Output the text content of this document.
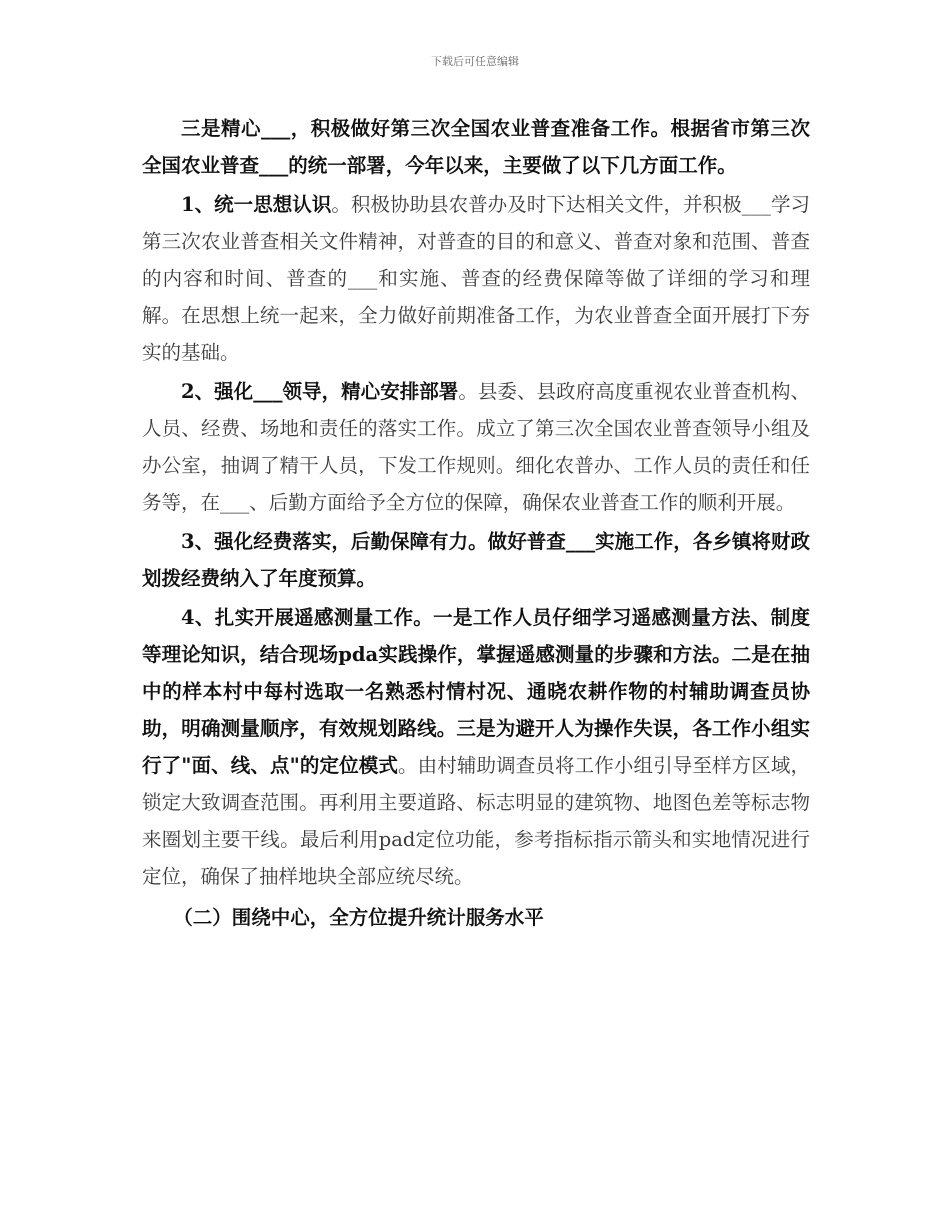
下载后可任意编辑

三是精心___，积极做好第三次全国农业普查准备工作。根据省市第三次全国农业普查___的统一部署，今年以来，主要做了以下几方面工作。

1、统一思想认识。积极协助县农普办及时下达相关文件，并积极___学习第三次农业普查相关文件精神，对普查的目的和意义、普查对象和范围、普查的内容和时间、普查的___和实施、普查的经费保障等做了详细的学习和理解。在思想上统一起来，全力做好前期准备工作，为农业普查全面开展打下夯实的基础。

2、强化___领导，精心安排部署。县委、县政府高度重视农业普查机构、人员、经费、场地和责任的落实工作。成立了第三次全国农业普查领导小组及办公室，抽调了精干人员，下发工作规则。细化农普办、工作人员的责任和任务等，在___、后勤方面给予全方位的保障，确保农业普查工作的顺利开展。

3、强化经费落实，后勤保障有力。做好普查___实施工作，各乡镇将财政划拨经费纳入了年度预算。

4、扎实开展遥感测量工作。一是工作人员仔细学习遥感测量方法、制度等理论知识，结合现场pda实践操作，掌握遥感测量的步骤和方法。二是在抽中的样本村中每村选取一名熟悉村情村况、通晓农耕作物的村辅助调查员协助，明确测量顺序，有效规划路线。三是为避开人为操作失误，各工作小组实行了"面、线、点"的定位模式。由村辅助调查员将工作小组引导至样方区域，锁定大致调查范围。再利用主要道路、标志明显的建筑物、地图色差等标志物来圈划主要干线。最后利用pad定位功能，参考指标指示箭头和实地情况进行定位，确保了抽样地块全部应统尽统。

（二）围绕中心，全方位提升统计服务水平
